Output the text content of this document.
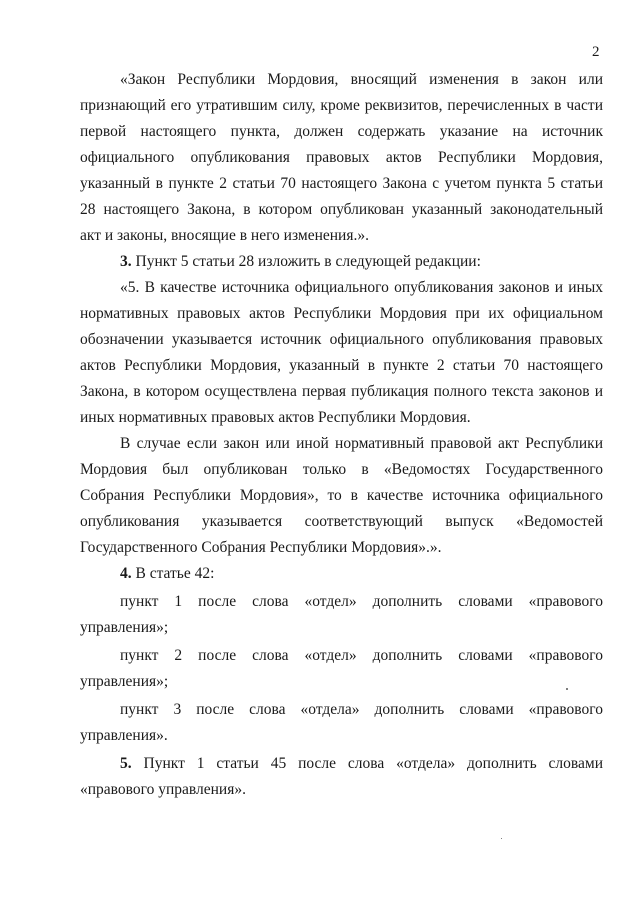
2
«Закон Республики Мордовия, вносящий изменения в закон или
признающий его утратившим силу, кроме реквизитов, перечисленных в части
первой настоящего пункта, должен содержать указание на источник
официального опубликования правовых актов Республики Мордовия,
указанный в пункте 2 статьи 70 настоящего Закона с учетом пункта 5 статьи
28 настоящего Закона, в котором опубликован указанный законодательный
акт и законы, вносящие в него изменения.».
3. Пункт 5 статьи 28 изложить в следующей редакции:
«5. В качестве источника официального опубликования законов и иных
нормативных правовых актов Республики Мордовия при их официальном
обозначении указывается источник официального опубликования правовых
актов Республики Мордовия, указанный в пункте 2 статьи 70 настоящего
Закона, в котором осуществлена первая публикация полного текста законов и
иных нормативных правовых актов Республики Мордовия.
В случае если закон или иной нормативный правовой акт Республики
Мордовия был опубликован только в «Ведомостях Государственного
Собрания Республики Мордовия», то в качестве источника официального
опубликования указывается соответствующий выпуск «Ведомостей
Государственного Собрания Республики Мордовия».».
4. В статье 42:
пункт 1 после слова «отдел» дополнить словами «правового
управления»;
пункт 2 после слова «отдел» дополнить словами «правового
управления»;
пункт 3 после слова «отдела» дополнить словами «правового
управления».
5. Пункт 1 статьи 45 после слова «отдела» дополнить словами
«правового управления».
